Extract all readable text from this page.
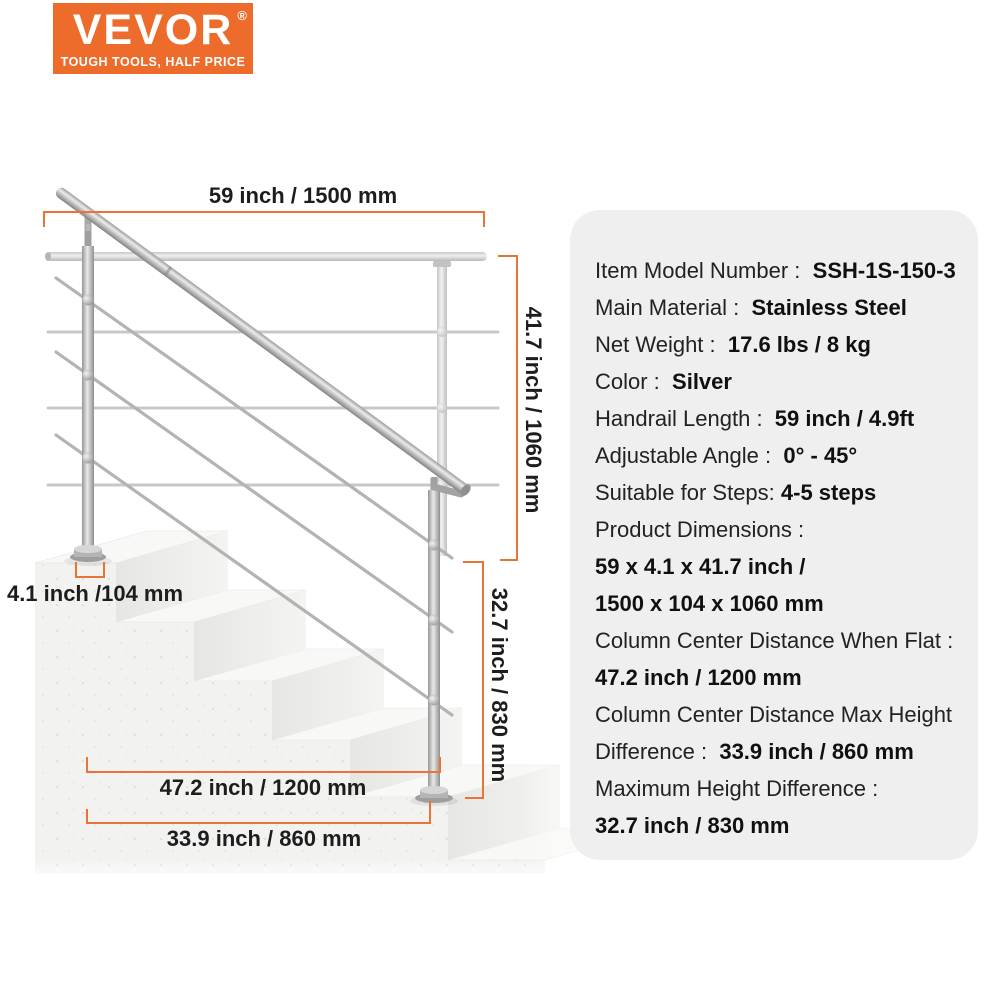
59 inch / 1500 mm
41.7 inch / 1060 mm
32.7 inch / 830 mm
4.1 inch /104 mm
47.2 inch / 1200 mm
33.9 inch / 860 mm
VEVOR ®
TOUGH TOOLS, HALF PRICE
Item Model Number :  SSH-1S-150-3
Main Material :  Stainless Steel
Net Weight :  17.6 lbs / 8 kg
Color :  Silver
Handrail Length :  59 inch / 4.9ft
Adjustable Angle :  0° - 45°
Suitable for Steps: 4-5 steps
Product Dimensions :
59 x 4.1 x 41.7 inch /
1500 x 104 x 1060 mm
Column Center Distance When Flat :
47.2 inch / 1200 mm
Column Center Distance Max Height
Difference :  33.9 inch / 860 mm
Maximum Height Difference :
32.7 inch / 830 mm
